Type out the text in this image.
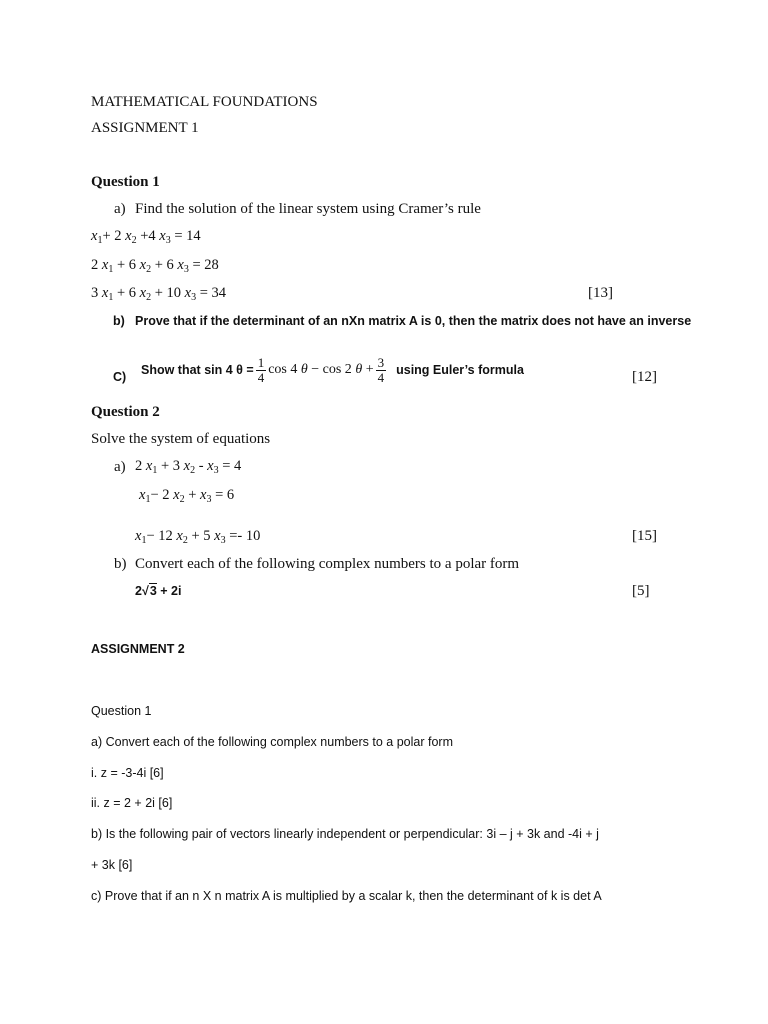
MATHEMATICAL FOUNDATIONS
ASSIGNMENT 1
Question 1
a) Find the solution of the linear system using Cramer’s rule
$x_1+ 2$ $x_2 +4$ $x_3 = 14$
2 $x_1 + 6$ $x_2 + 6$ $x_3 = 28$
3 $x_1 + 6$ $x_2 + 10$ $x_3 = 34$	[13]
b) Prove that if the determinant of an nXn matrix A is 0, then the matrix does not have an inverse
C)
Show that sin 4 $\theta = \frac{1}{4}$ cos 4 θ − cos 2 $\theta + \frac{3}{4}$ using Euler’s formula	[12]
Question 2
Solve the system of equations
a) 2 $x_1 + 3$ $x_2 - x_3 = 4$
$x_1- 2$ $x_2 + x_3 = 6$
$x_1- 12$ $x_2 + 5$ $x_3 =- 10$	[15]
b) Convert each of the following complex numbers to a polar form
2√3 + 2i	[5]
ASSIGNMENT 2
Question 1
a) Convert each of the following complex numbers to a polar form
i. z = -3-4i [6]
ii. z = 2 + 2i [6]
b) Is the following pair of vectors linearly independent or perpendicular: 3i – j + 3k and -4i + j
+ 3k [6]
c) Prove that if an n X n matrix A is multiplied by a scalar k, then the determinant of k is det A
